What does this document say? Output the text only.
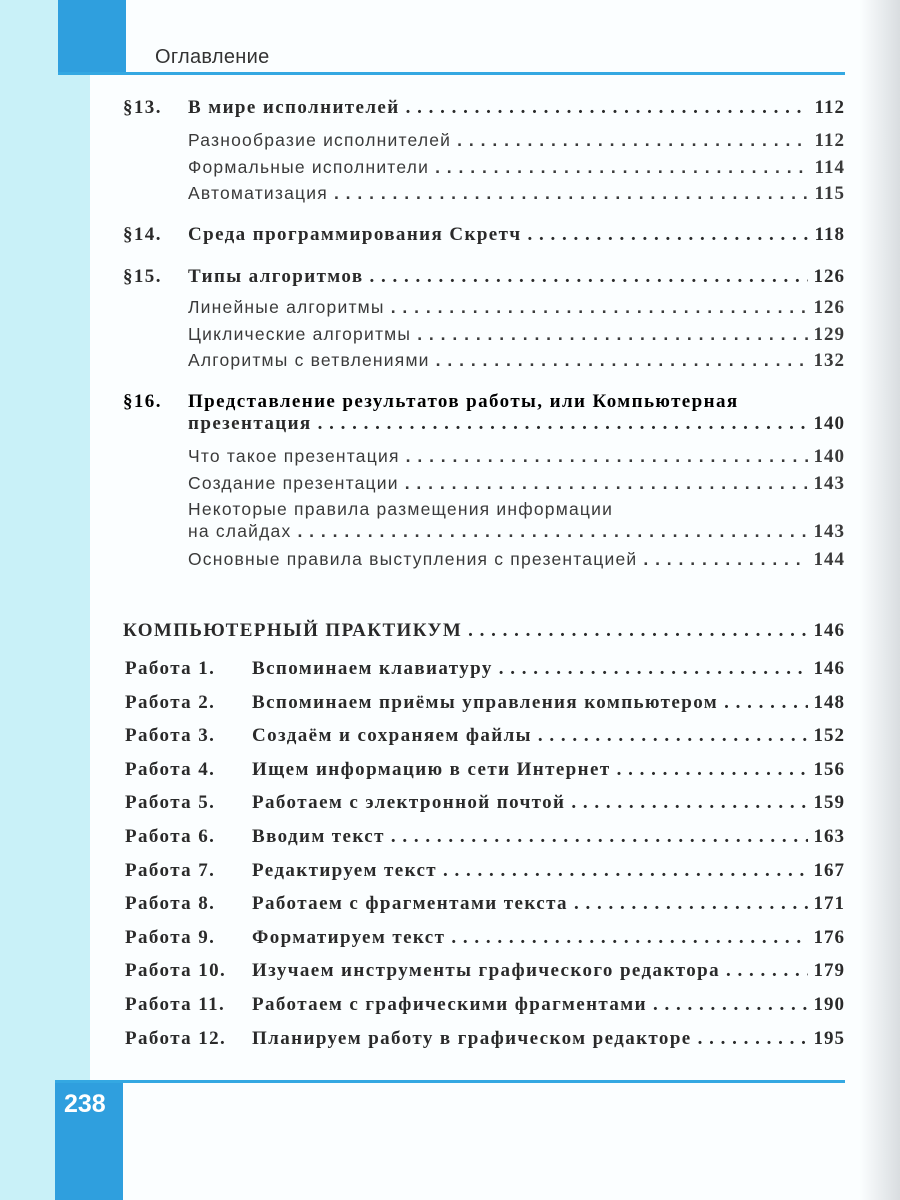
Оглавление
§13.	В мире исполнителей . . .	112
Разнообразие исполнителей . . .	112
Формальные исполнители . . .	114
Автоматизация . . .	115
§14.	Среда программирования Скретч . . .	118
§15.	Типы алгоритмов . . .	126
Линейные алгоритмы . . .	126
Циклические алгоритмы . . .	129
Алгоритмы с ветвлениями . . .	132
§16. Представление результатов работы, или Компьютерная
презентация . . .	140
Что такое презентация . . .	140
Создание презентации . . .	143
Некоторые правила размещения информации
на слайдах . . .	143
Основные правила выступления с презентацией . . .	144
КОМПЬЮТЕРНЫЙ ПРАКТИКУМ . . .	146
Работа 1.	Вспоминаем клавиатуру . . .	146
Работа 2.	Вспоминаем приёмы управления компьютером . . .	148
Работа 3.	Создаём и сохраняем файлы . . .	152
Работа 4.	Ищем информацию в сети Интернет . . .	156
Работа 5.	Работаем с электронной почтой . . .	159
Работа 6.	Вводим текст . . .	163
Работа 7.	Редактируем текст . . .	167
Работа 8.	Работаем с фрагментами текста . . .	171
Работа 9.	Форматируем текст . . .	176
Работа 10.	Изучаем инструменты графического редактора . . .	179
Работа 11.	Работаем с графическими фрагментами . . .	190
Работа 12.	Планируем работу в графическом редакторе . . .	195
238
